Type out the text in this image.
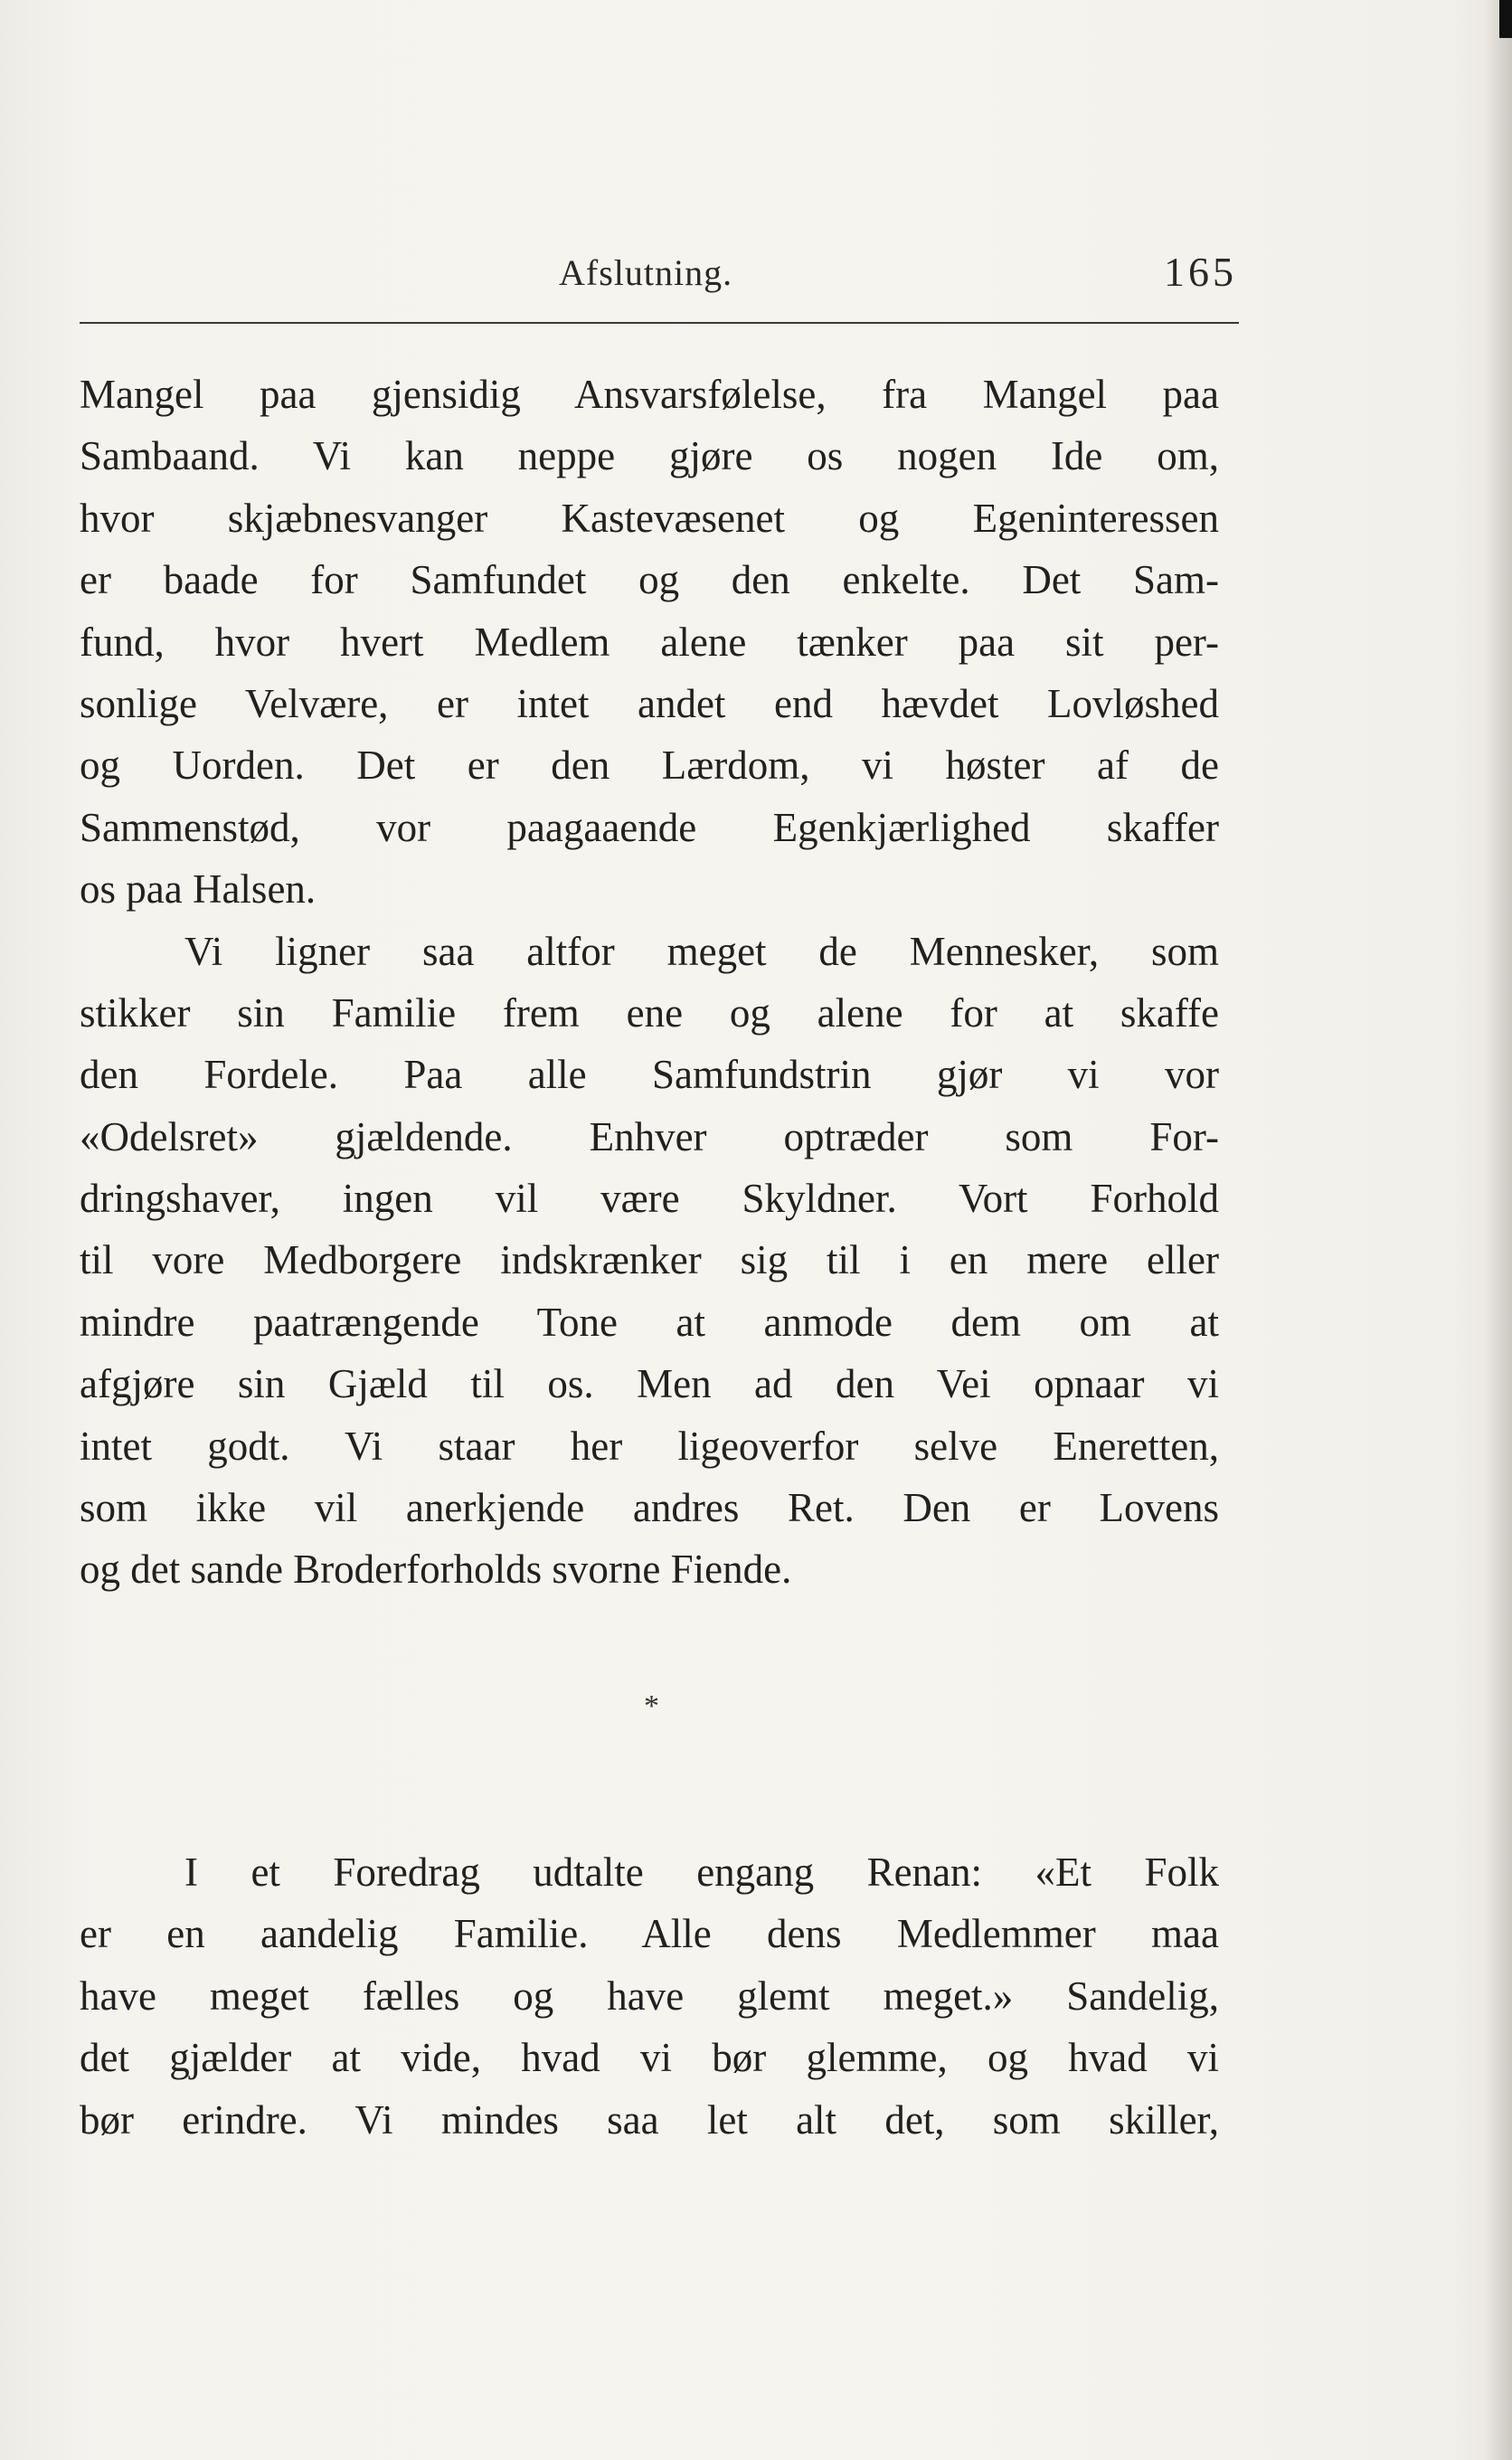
Afslutning.	165
Mangel paa gjensidig Ansvarsfølelse, fra Mangel paa
Sambaand. Vi kan neppe gjøre os nogen Ide om,
hvor skjæbnesvanger Kastevæsenet og Egeninteressen
er baade for Samfundet og den enkelte. Det Sam-
fund, hvor hvert Medlem alene tænker paa sit per-
sonlige Velvære, er intet andet end hævdet Lovløshed
og Uorden. Det er den Lærdom, vi høster af de
Sammenstød, vor paagaaende Egenkjærlighed skaffer
os paa Halsen.
Vi ligner saa altfor meget de Mennesker, som
stikker sin Familie frem ene og alene for at skaffe
den Fordele. Paa alle Samfundstrin gjør vi vor
«Odelsret» gjældende. Enhver optræder som For-
dringshaver, ingen vil være Skyldner. Vort Forhold
til vore Medborgere indskrænker sig til i en mere eller
mindre paatrængende Tone at anmode dem om at
afgjøre sin Gjæld til os. Men ad den Vei opnaar vi
intet godt. Vi staar her ligeoverfor selve Eneretten,
som ikke vil anerkjende andres Ret. Den er Lovens
og det sande Broderforholds svorne Fiende.
*
I et Foredrag udtalte engang Renan: «Et Folk
er en aandelig Familie. Alle dens Medlemmer maa
have meget fælles og have glemt meget.» Sandelig,
det gjælder at vide, hvad vi bør glemme, og hvad vi
bør erindre. Vi mindes saa let alt det, som skiller,
